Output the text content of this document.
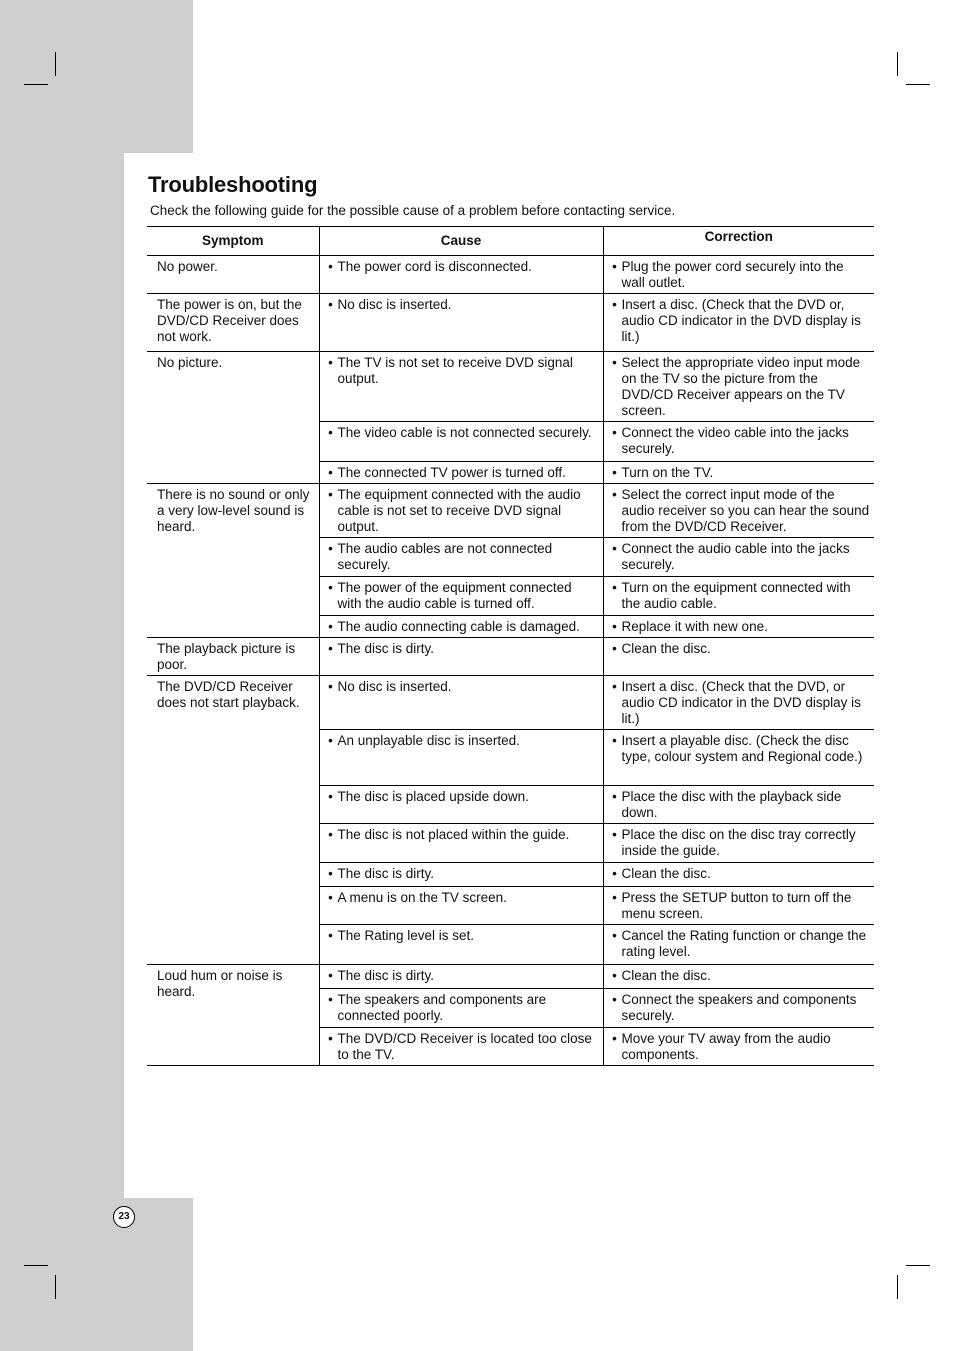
Troubleshooting

Check the following guide for the possible cause of a problem before contacting service.

Symptom	Cause	Correction
No power.	• The power cord is disconnected.	• Plug the power cord securely into the wall outlet.

The power is on, but the DVD/CD Receiver does not work.	• No disc is inserted.	• Insert a disc. (Check that the DVD or, audio CD indicator in the DVD display is lit.)

No picture.	• The TV is not set to receive DVD signal output.	• Select the appropriate video input mode on the TV so the picture from the DVD/CD Receiver appears on the TV screen.

	• The video cable is not connected securely.	• Connect the video cable into the jacks securely.

	• The connected TV power is turned off.	• Turn on the TV.

There is no sound or only a very low-level sound is heard.	• The equipment connected with the audio cable is not set to receive DVD signal output.	• Select the correct input mode of the audio receiver so you can hear the sound from the DVD/CD Receiver.

	• The audio cables are not connected securely.	• Connect the audio cable into the jacks securely.

	• The power of the equipment connected with the audio cable is turned off.	• Turn on the equipment connected with the audio cable.

	• The audio connecting cable is damaged.	• Replace it with new one.

The playback picture is poor.	• The disc is dirty.	• Clean the disc.

The DVD/CD Receiver does not start playback.	• No disc is inserted.	• Insert a disc. (Check that the DVD, or audio CD indicator in the DVD display is lit.)

	• An unplayable disc is inserted.	• Insert a playable disc. (Check the disc type, colour system and Regional code.)

	• The disc is placed upside down.	• Place the disc with the playback side down.

	• The disc is not placed within the guide.	• Place the disc on the disc tray correctly inside the guide.

	• The disc is dirty.	• Clean the disc.

	• A menu is on the TV screen.	• Press the SETUP button to turn off the menu screen.

	• The Rating level is set.	• Cancel the Rating function or change the rating level.

Loud hum or noise is heard.	• The disc is dirty.	• Clean the disc.

	• The speakers and components are connected poorly.	• Connect the speakers and components securely.

	• The DVD/CD Receiver is located too close to the TV.	• Move your TV away from the audio components.
23
